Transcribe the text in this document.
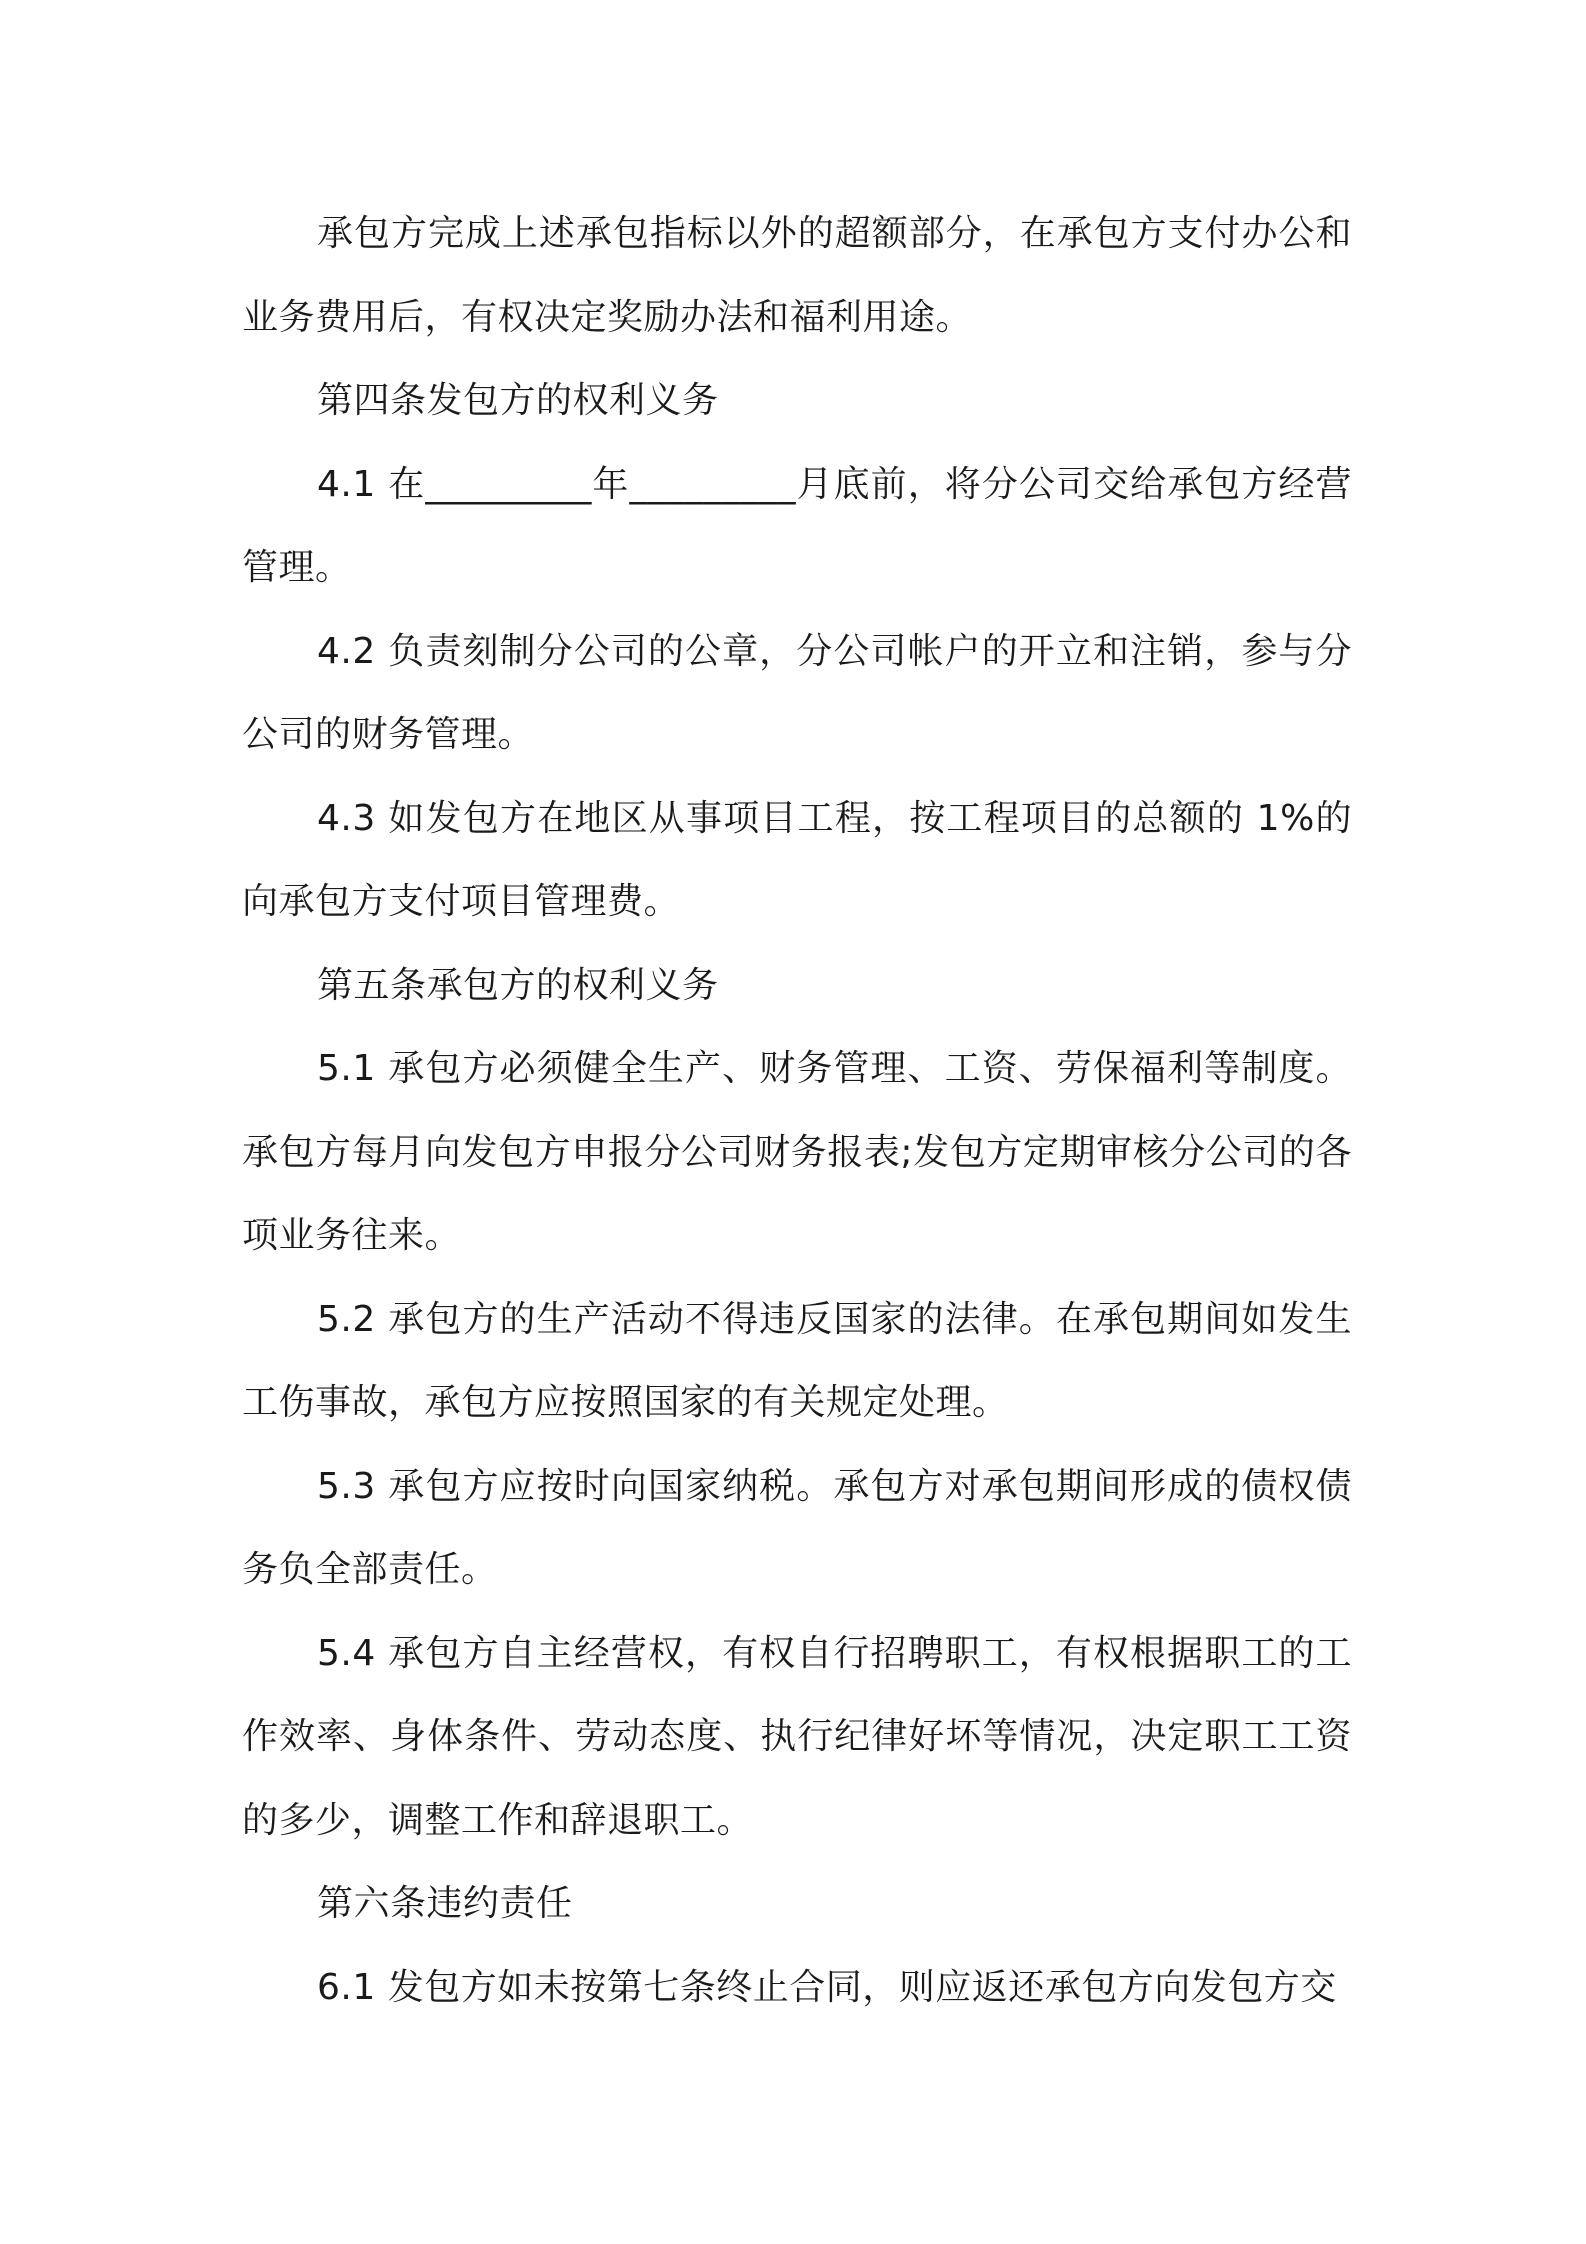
承包方完成上述承包指标以外的超额部分，在承包方支付办公和业务费用后，有权决定奖励办法和福利用途。

第四条发包方的权利义务

4.1 在_________年_________月底前，将分公司交给承包方经营管理。

4.2 负责刻制分公司的公章，分公司帐户的开立和注销，参与分公司的财务管理。

4.3 如发包方在地区从事项目工程，按工程项目的总额的 1%的向承包方支付项目管理费。

第五条承包方的权利义务

5.1 承包方必须健全生产、财务管理、工资、劳保福利等制度。承包方每月向发包方申报分公司财务报表;发包方定期审核分公司的各项业务往来。

5.2 承包方的生产活动不得违反国家的法律。在承包期间如发生工伤事故，承包方应按照国家的有关规定处理。

5.3 承包方应按时向国家纳税。承包方对承包期间形成的债权债务负全部责任。

5.4 承包方自主经营权，有权自行招聘职工，有权根据职工的工作效率、身体条件、劳动态度、执行纪律好坏等情况，决定职工工资的多少，调整工作和辞退职工。

第六条违约责任

6.1 发包方如未按第七条终止合同，则应返还承包方向发包方交
